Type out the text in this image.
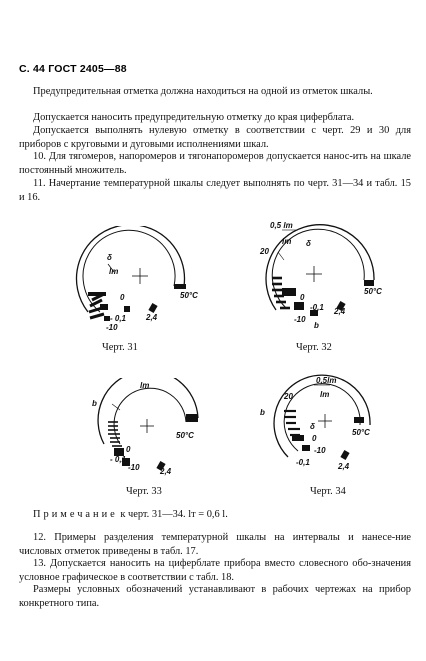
С. 44 ГОСТ 2405—88
Предупредительная отметка должна находиться на одной из отметок шкалы.
Допускается наносить предупредительную отметку до края циферблата.
Допускается выполнять нулевую отметку в соответствии с черт. 29 и 30 для приборов с круговыми и дуговыми исполнениями шкал.
10. Для тягомеров, напоромеров и тягонапоромеров допускается нанос-ить на шкале постоянный множитель.
11. Начертание температурной шкалы следует выполнять по черт. 31—34 и табл. 15 и 16.
δ
lт
0
- 0,1
-10
2,4
50°C
Черт. 31
0,5 lт
lт δ
20
0
-0,1
-10
b
2,4
50°C
Черт. 32
lт
b
0
- 0,1
-10	2,4
50°C
Черт. 33
0,5lт
lт
20
b
δ
0
-10
-0,1	2,4
50°C
Черт. 34
Примечание к черт. 31—34. lт = 0,6 l.
12. Примеры разделения температурной шкалы на интервалы и нанесе-ние числовых отметок приведены в табл. 17.
13. Допускается наносить на циферблате прибора вместо словесного обо-значения условное графическое в соответствии с табл. 18.
Размеры условных обозначений устанавливают в рабочих чертежах на прибор конкретного типа.
